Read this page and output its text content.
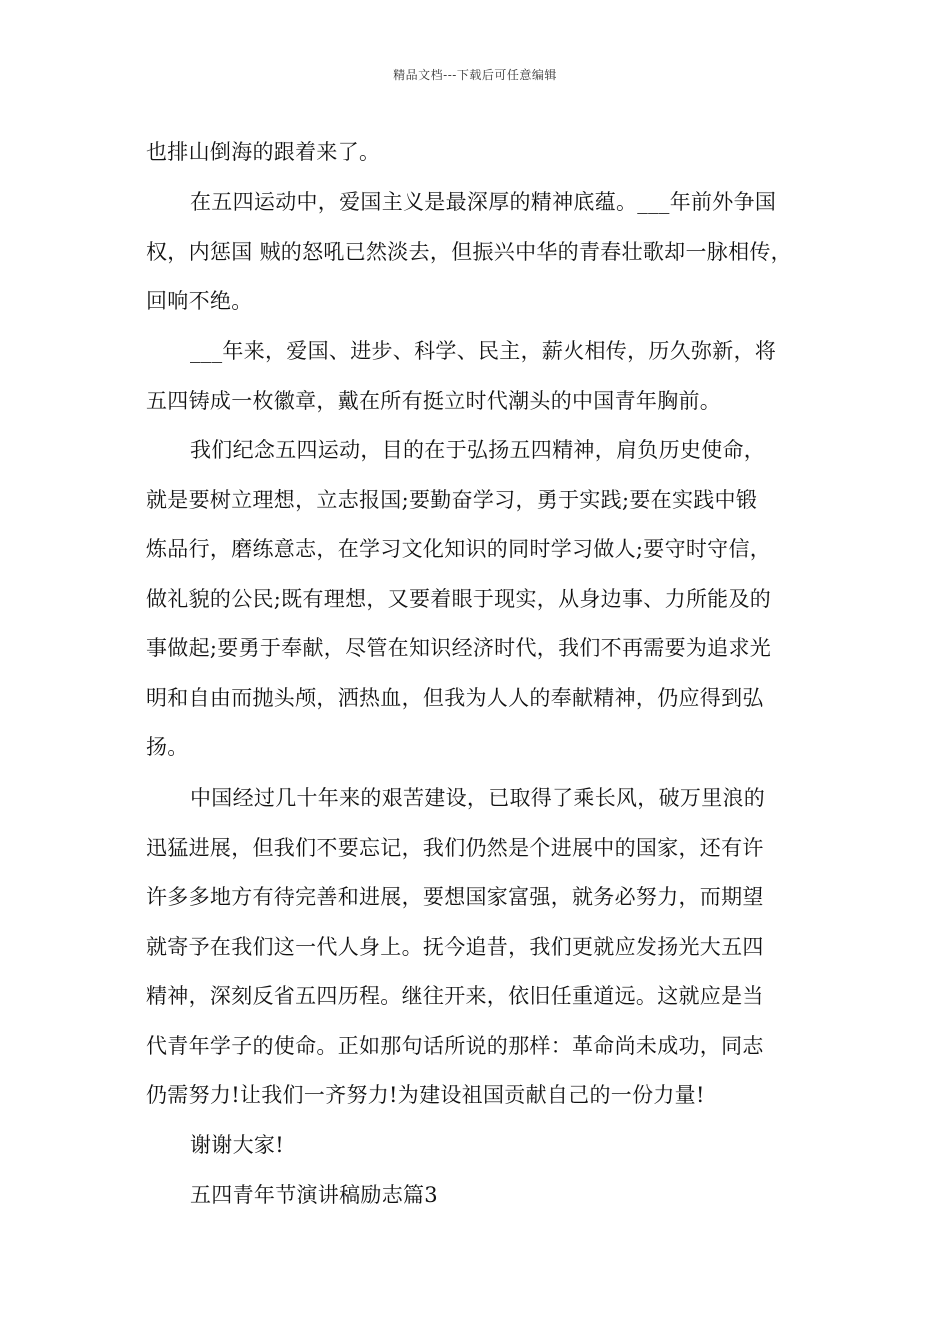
精品文档---下载后可任意编辑
也排山倒海的跟着来了。
在五四运动中，爱国主义是最深厚的精神底蕴。___年前外争国
权，内惩国 贼的怒吼已然淡去，但振兴中华的青春壮歌却一脉相传，
回响不绝。
___年来，爱国、进步、科学、民主，薪火相传，历久弥新，将
五四铸成一枚徽章，戴在所有挺立时代潮头的中国青年胸前。
我们纪念五四运动，目的在于弘扬五四精神，肩负历史使命，
就是要树立理想，立志报国;要勤奋学习，勇于实践;要在实践中锻
炼品行，磨练意志，在学习文化知识的同时学习做人;要守时守信，
做礼貌的公民;既有理想，又要着眼于现实，从身边事、力所能及的
事做起;要勇于奉献，尽管在知识经济时代，我们不再需要为追求光
明和自由而抛头颅，洒热血，但我为人人的奉献精神，仍应得到弘
扬。
中国经过几十年来的艰苦建设，已取得了乘长风，破万里浪的
迅猛进展，但我们不要忘记，我们仍然是个进展中的国家，还有许
许多多地方有待完善和进展，要想国家富强，就务必努力，而期望
就寄予在我们这一代人身上。抚今追昔，我们更就应发扬光大五四
精神，深刻反省五四历程。继往开来，依旧任重道远。这就应是当
代青年学子的使命。正如那句话所说的那样：革命尚未成功，同志
仍需努力!让我们一齐努力!为建设祖国贡献自己的一份力量!
谢谢大家!
五四青年节演讲稿励志篇3
